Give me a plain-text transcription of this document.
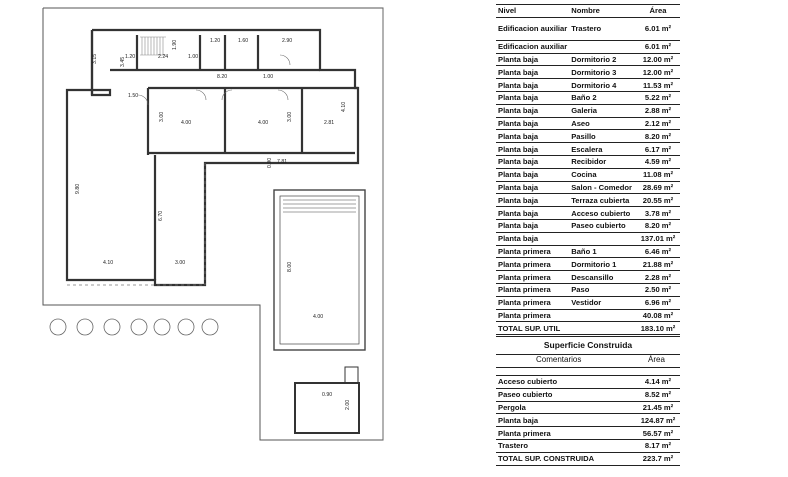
3.15	1.20	2.24
1.90
1.00
1.20	1.60	2.90
8.20	1.00
1.50
3.00
4.00
3.00
4.00	2.81
4.10
0.90 7.81
9.80
6.70
4.10	3.00	8.00
4.00
2.00
0.90
3.45
Nivel	Nombre	Área
Edificacion auxiliar	Trastero	6.01 m²
Edificacion auxiliar		6.01 m²
Planta baja	Dormitorio 2	12.00 m²
Planta baja	Dormitorio 3	12.00 m²
Planta baja	Dormitorio 4	11.53 m²
Planta baja	Baño 2	5.22 m²
Planta baja	Galeria	2.88 m²
Planta baja	Aseo	2.12 m²
Planta baja	Pasillo	8.20 m²
Planta baja	Escalera	6.17 m²
Planta baja	Recibidor	4.59 m²
Planta baja	Cocina	11.08 m²
Planta baja	Salon - Comedor	28.69 m²
Planta baja	Terraza cubierta	20.55 m²
Planta baja	Acceso cubierto	3.78 m²
Planta baja	Paseo cubierto	8.20 m²
Planta baja		137.01 m²
Planta primera	Baño 1	6.46 m²
Planta primera	Dormitorio 1	21.88 m²
Planta primera	Descansillo	2.28 m²
Planta primera	Paso	2.50 m²
Planta primera	Vestidor	6.96 m²
Planta primera		40.08 m²
TOTAL SUP. UTIL		183.10 m²
Superficie Construida
Comentarios	Área
Acceso cubierto	4.14 m²
Paseo cubierto	8.52 m²
Pergola	21.45 m²
Planta baja	124.87 m²
Planta primera	56.57 m²
Trastero	8.17 m²
TOTAL SUP. CONSTRUIDA	223.7 m²
